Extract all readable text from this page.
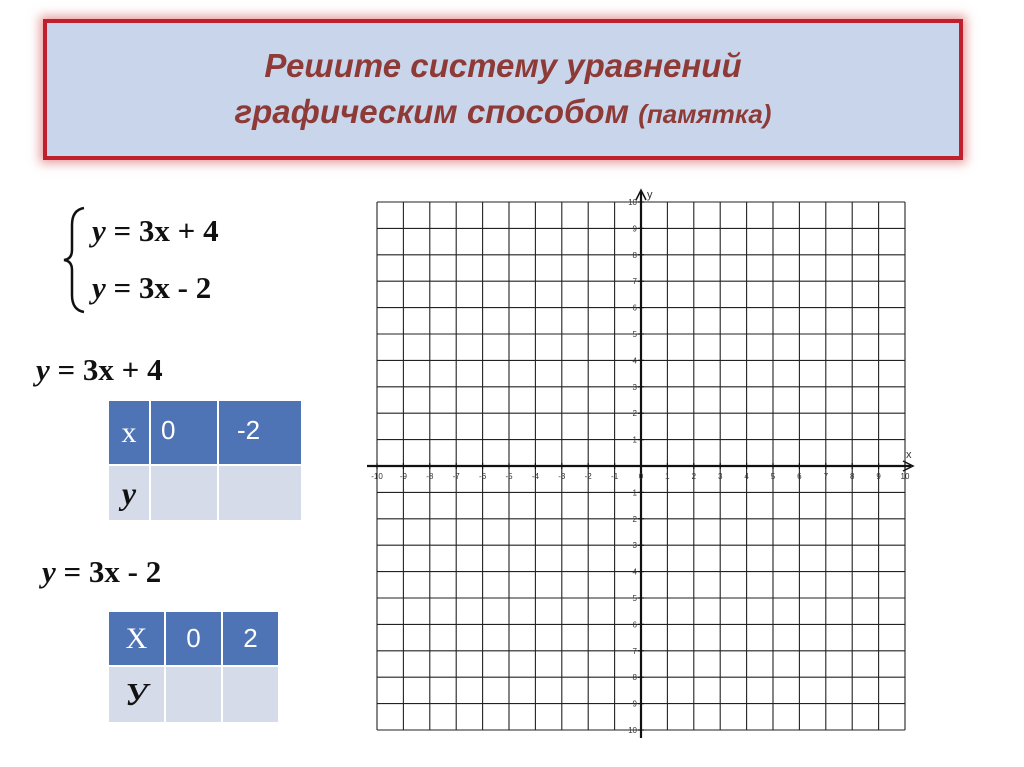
Решите систему уравнений
графическим способом (памятка)
y = 3x + 4
y = 3x - 2
y = 3x + 4
x	0	-2
y		
y = 3x - 2
X	0	2
У		
-10 -9 -8 -7 -6 -5 -4 -3 -2 -1	0	1	2	3	4	5	6	7	8	9 10
10
9
8
7
6
5
4
3
2
1
1
2
3
4
5
6
7
8
9
10
x
y
